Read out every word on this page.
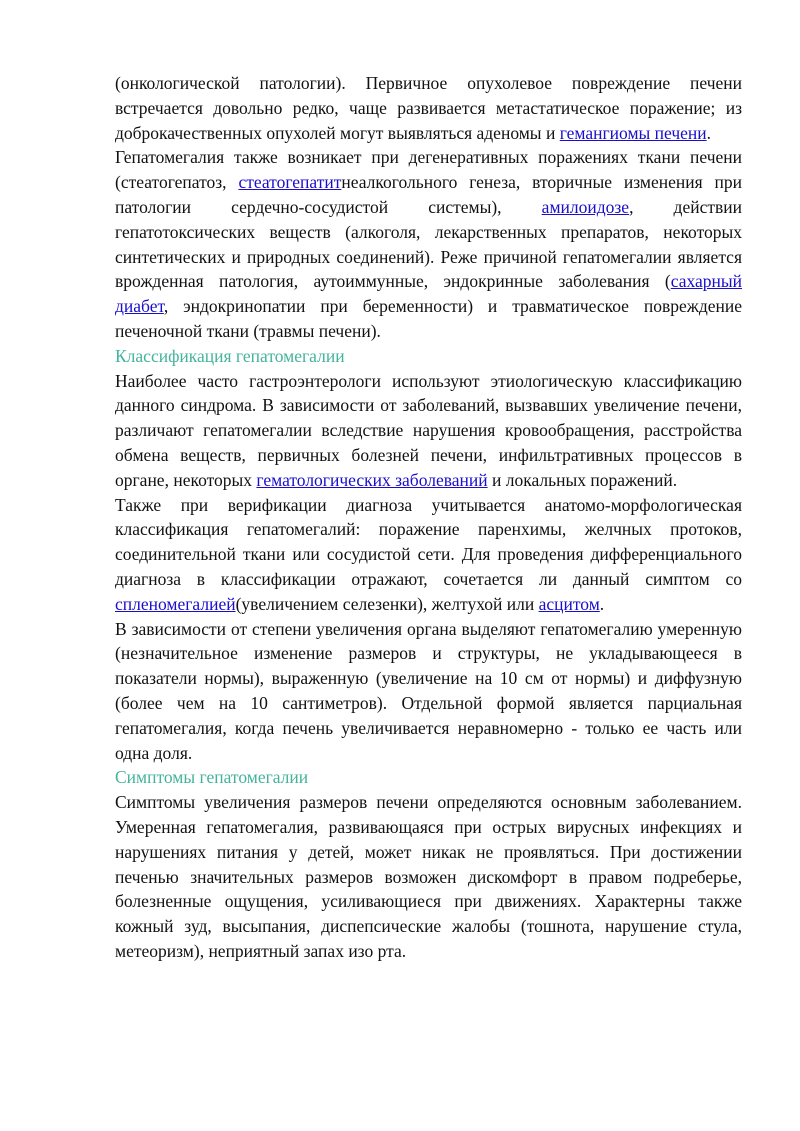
(онкологической патологии). Первичное опухолевое повреждение печени встречается довольно редко, чаще развивается метастатическое поражение; из доброкачественных опухолей могут выявляться аденомы и гемангиомы печени.

Гепатомегалия также возникает при дегенеративных поражениях ткани печени (стеатогепатоз, стеатогепатитнеалкогольного генеза, вторичные изменения при патологии сердечно-сосудистой системы), амилоидозе, действии гепатотоксических веществ (алкоголя, лекарственных препаратов, некоторых синтетических и природных соединений). Реже причиной гепатомегалии является врожденная патология, аутоиммунные, эндокринные заболевания (сахарный диабет, эндокринопатии при беременности) и травматическое повреждение печеночной ткани (травмы печени).

Классификация гепатомегалии

Наиболее часто гастроэнтерологи используют этиологическую классификацию данного синдрома. В зависимости от заболеваний, вызвавших увеличение печени, различают гепатомегалии вследствие нарушения кровообращения, расстройства обмена веществ, первичных болезней печени, инфильтративных процессов в органе, некоторых гематологических заболеваний и локальных поражений.

Также при верификации диагноза учитывается анатомо-морфологическая классификация гепатомегалий: поражение паренхимы, желчных протоков, соединительной ткани или сосудистой сети. Для проведения дифференциального диагноза в классификации отражают, сочетается ли данный симптом со спленомегалией(увеличением селезенки), желтухой или асцитом.

В зависимости от степени увеличения органа выделяют гепатомегалию умеренную (незначительное изменение размеров и структуры, не укладывающееся в показатели нормы), выраженную (увеличение на 10 см от нормы) и диффузную (более чем на 10 сантиметров). Отдельной формой является парциальная гепатомегалия, когда печень увеличивается неравномерно - только ее часть или одна доля.

Симптомы гепатомегалии

Симптомы увеличения размеров печени определяются основным заболеванием. Умеренная гепатомегалия, развивающаяся при острых вирусных инфекциях и нарушениях питания у детей, может никак не проявляться. При достижении печенью значительных размеров возможен дискомфорт в правом подреберье, болезненные ощущения, усиливающиеся при движениях. Характерны также кожный зуд, высыпания, диспепсические жалобы (тошнота, нарушение стула, метеоризм), неприятный запах изо рта.
